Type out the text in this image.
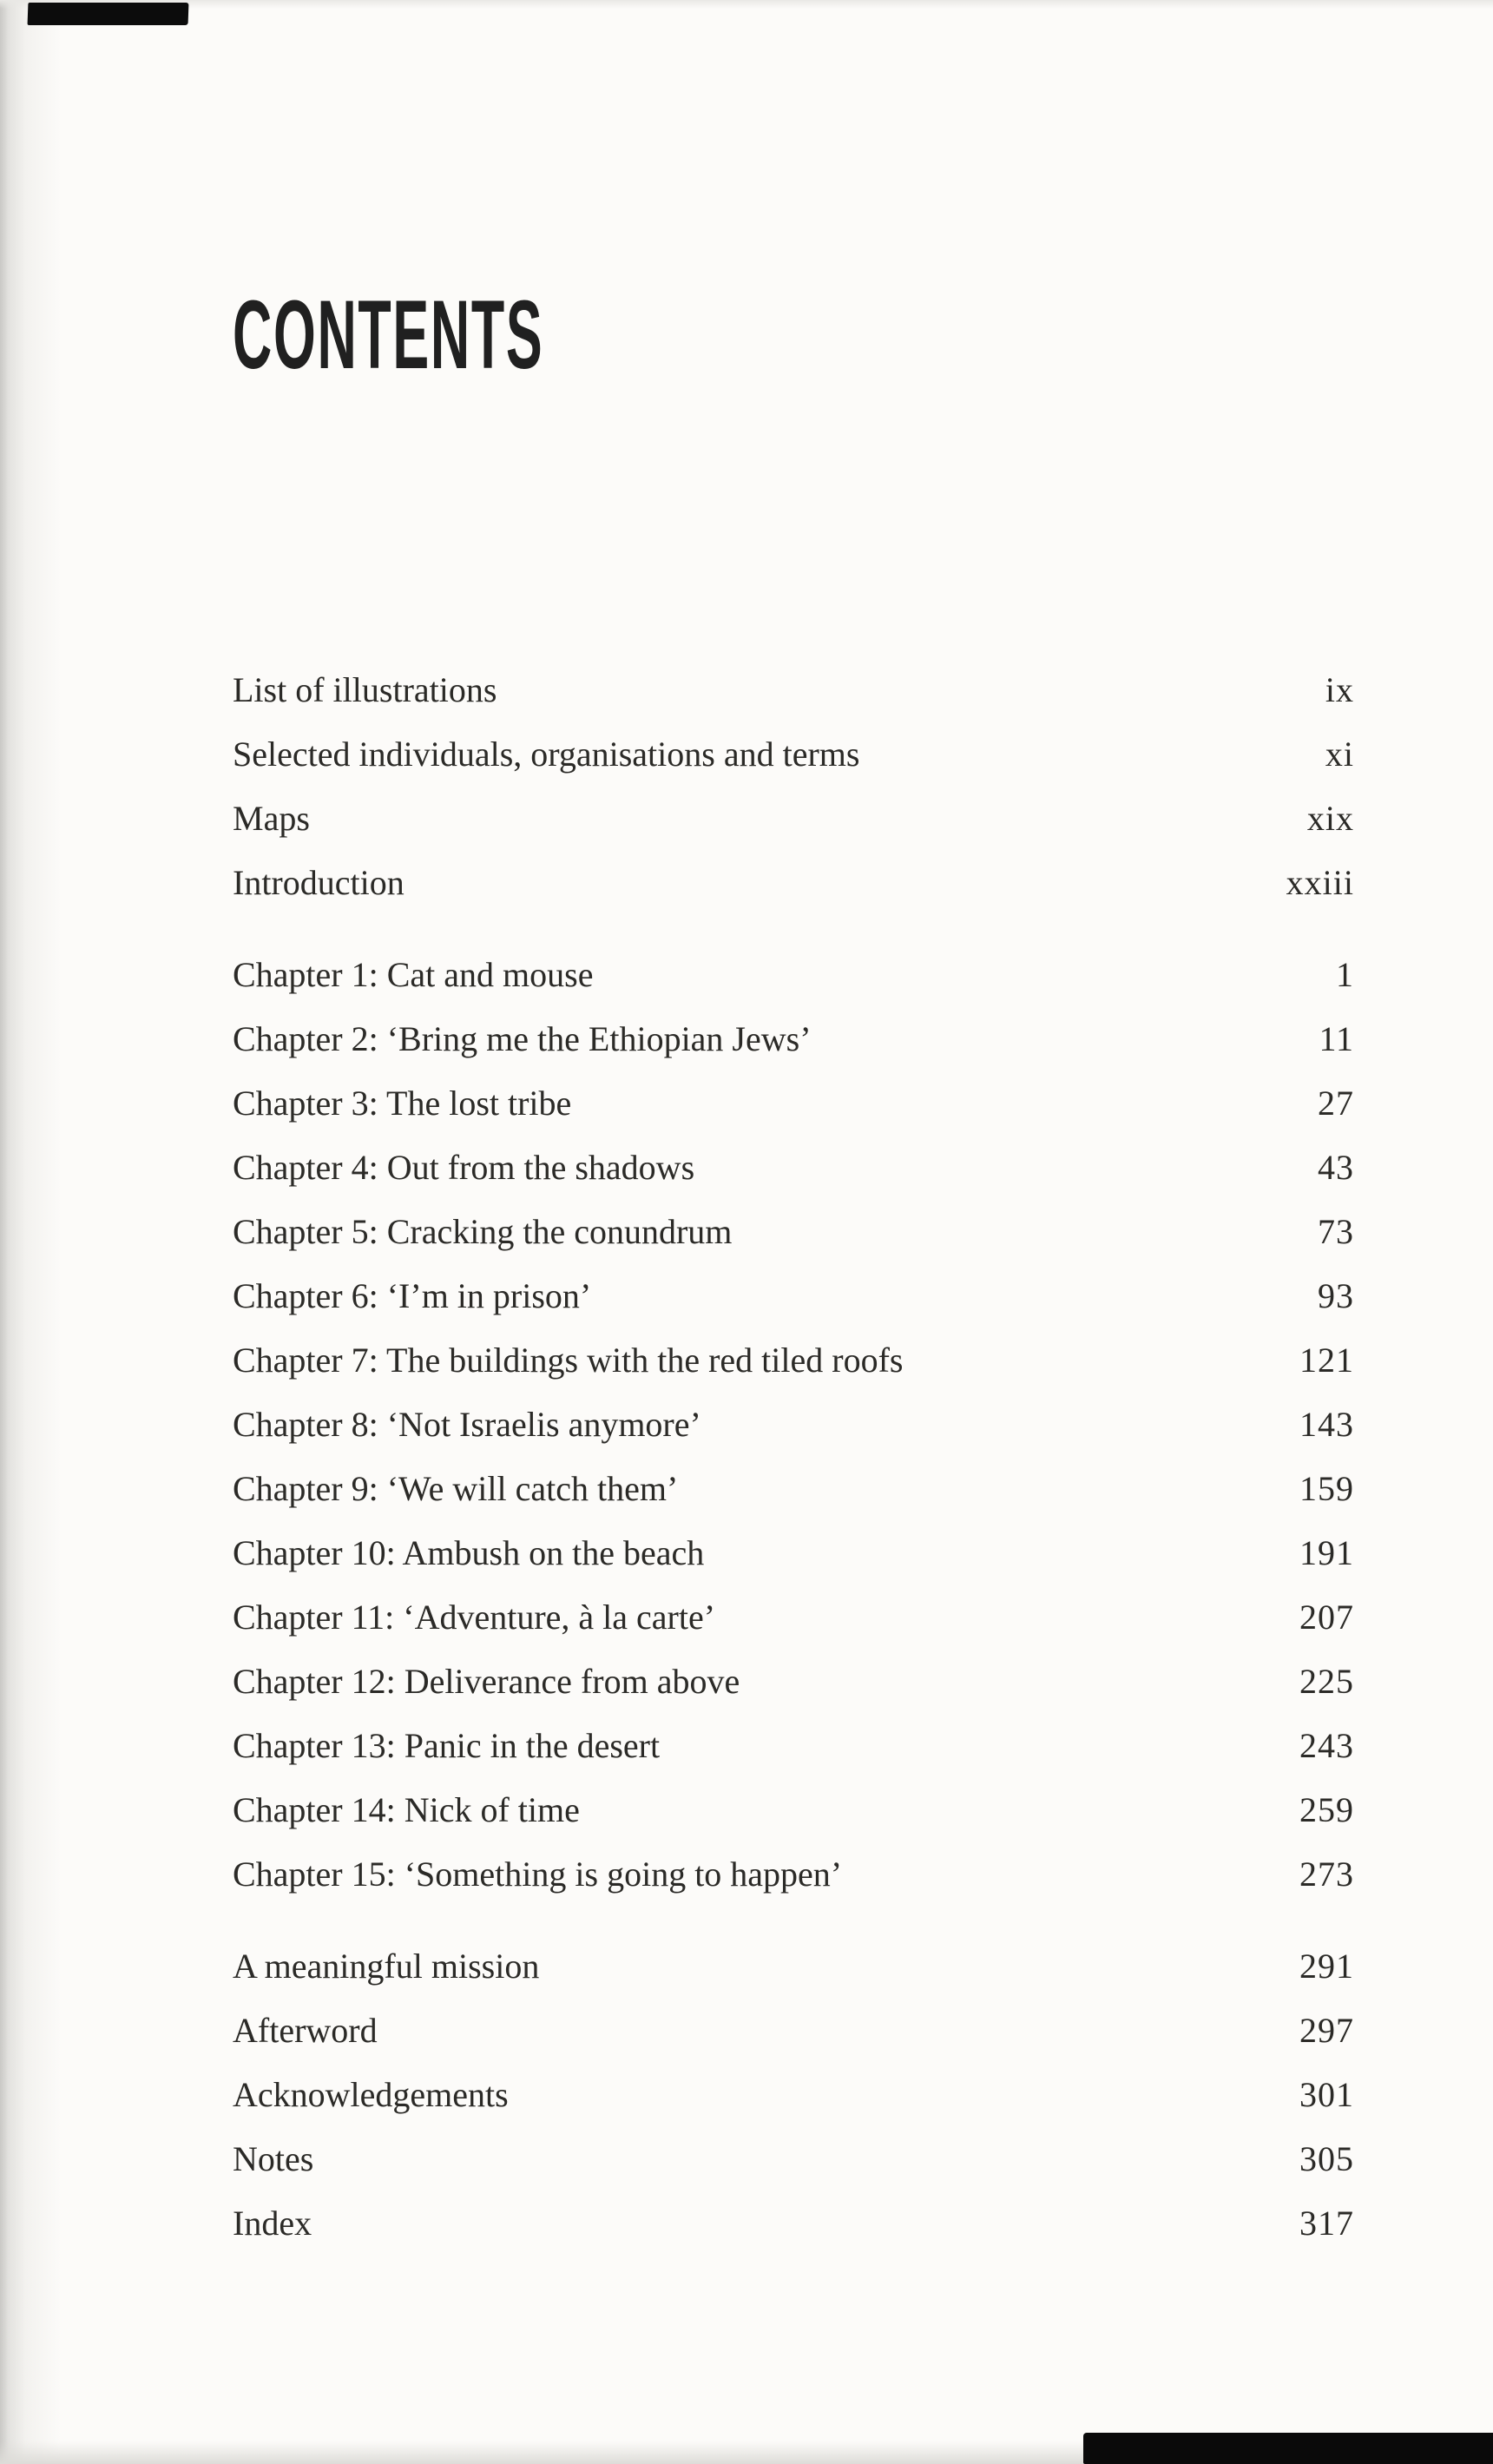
CONTENTS
List of illustrations	ix
Selected individuals, organisations and terms	xi
Maps	xix
Introduction	xxiii
Chapter 1: Cat and mouse	1
Chapter 2: ‘Bring me the Ethiopian Jews’	11
Chapter 3: The lost tribe	27
Chapter 4: Out from the shadows	43
Chapter 5: Cracking the conundrum	73
Chapter 6: ‘I’m in prison’	93
Chapter 7: The buildings with the red tiled roofs	121
Chapter 8: ‘Not Israelis anymore’	143
Chapter 9: ‘We will catch them’	159
Chapter 10: Ambush on the beach	191
Chapter 11: ‘Adventure, à la carte’	207
Chapter 12: Deliverance from above	225
Chapter 13: Panic in the desert	243
Chapter 14: Nick of time	259
Chapter 15: ‘Something is going to happen’	273
A meaningful mission	291
Afterword	297
Acknowledgements	301
Notes	305
Index	317
